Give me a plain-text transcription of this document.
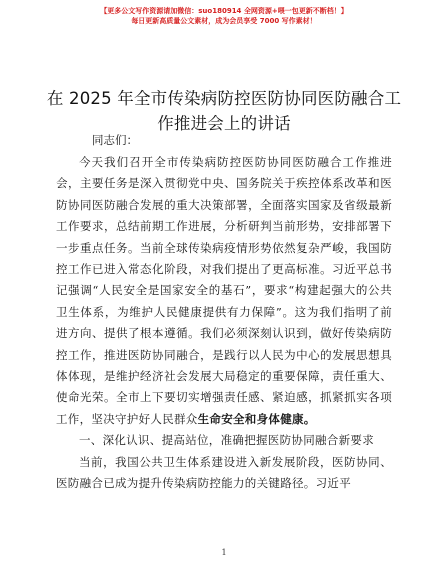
【更多公文写作资源请加微信：suo180914 全网资源+喂一包更新不断档！】
每日更新高质量公文素材，成为会员享受 7000 写作素材！
在 2025 年全市传染病防控医防协同医防融合工作推进会上的讲话
同志们：

今天我们召开全市传染病防控医防协同医防融合工作推进会，主要任务是深入贯彻党中央、国务院关于疾控体系改革和医防协同医防融合发展的重大决策部署，全面落实国家及省级最新工作要求，总结前期工作进展，分析研判当前形势，安排部署下一步重点任务。当前全球传染病疫情形势依然复杂严峻，我国防控工作已进入常态化阶段，对我们提出了更高标准。习近平总书记强调“人民安全是国家安全的基石”，要求“构建起强大的公共卫生体系，为维护人民健康提供有力保障”。这为我们指明了前进方向、提供了根本遵循。我们必须深刻认识到，做好传染病防控工作，推进医防协同融合，是践行以人民为中心的发展思想具体体现，是维护经济社会发展大局稳定的重要保障，责任重大、使命光荣。全市上下要切实增强责任感、紧迫感，抓紧抓实各项工作，坚决守护好人民群众生命安全和身体健康。

一、深化认识、提高站位，准确把握医防协同融合新要求

当前，我国公共卫生体系建设进入新发展阶段，医防协同、医防融合已成为提升传染病防控能力的关键路径。习近平

1
